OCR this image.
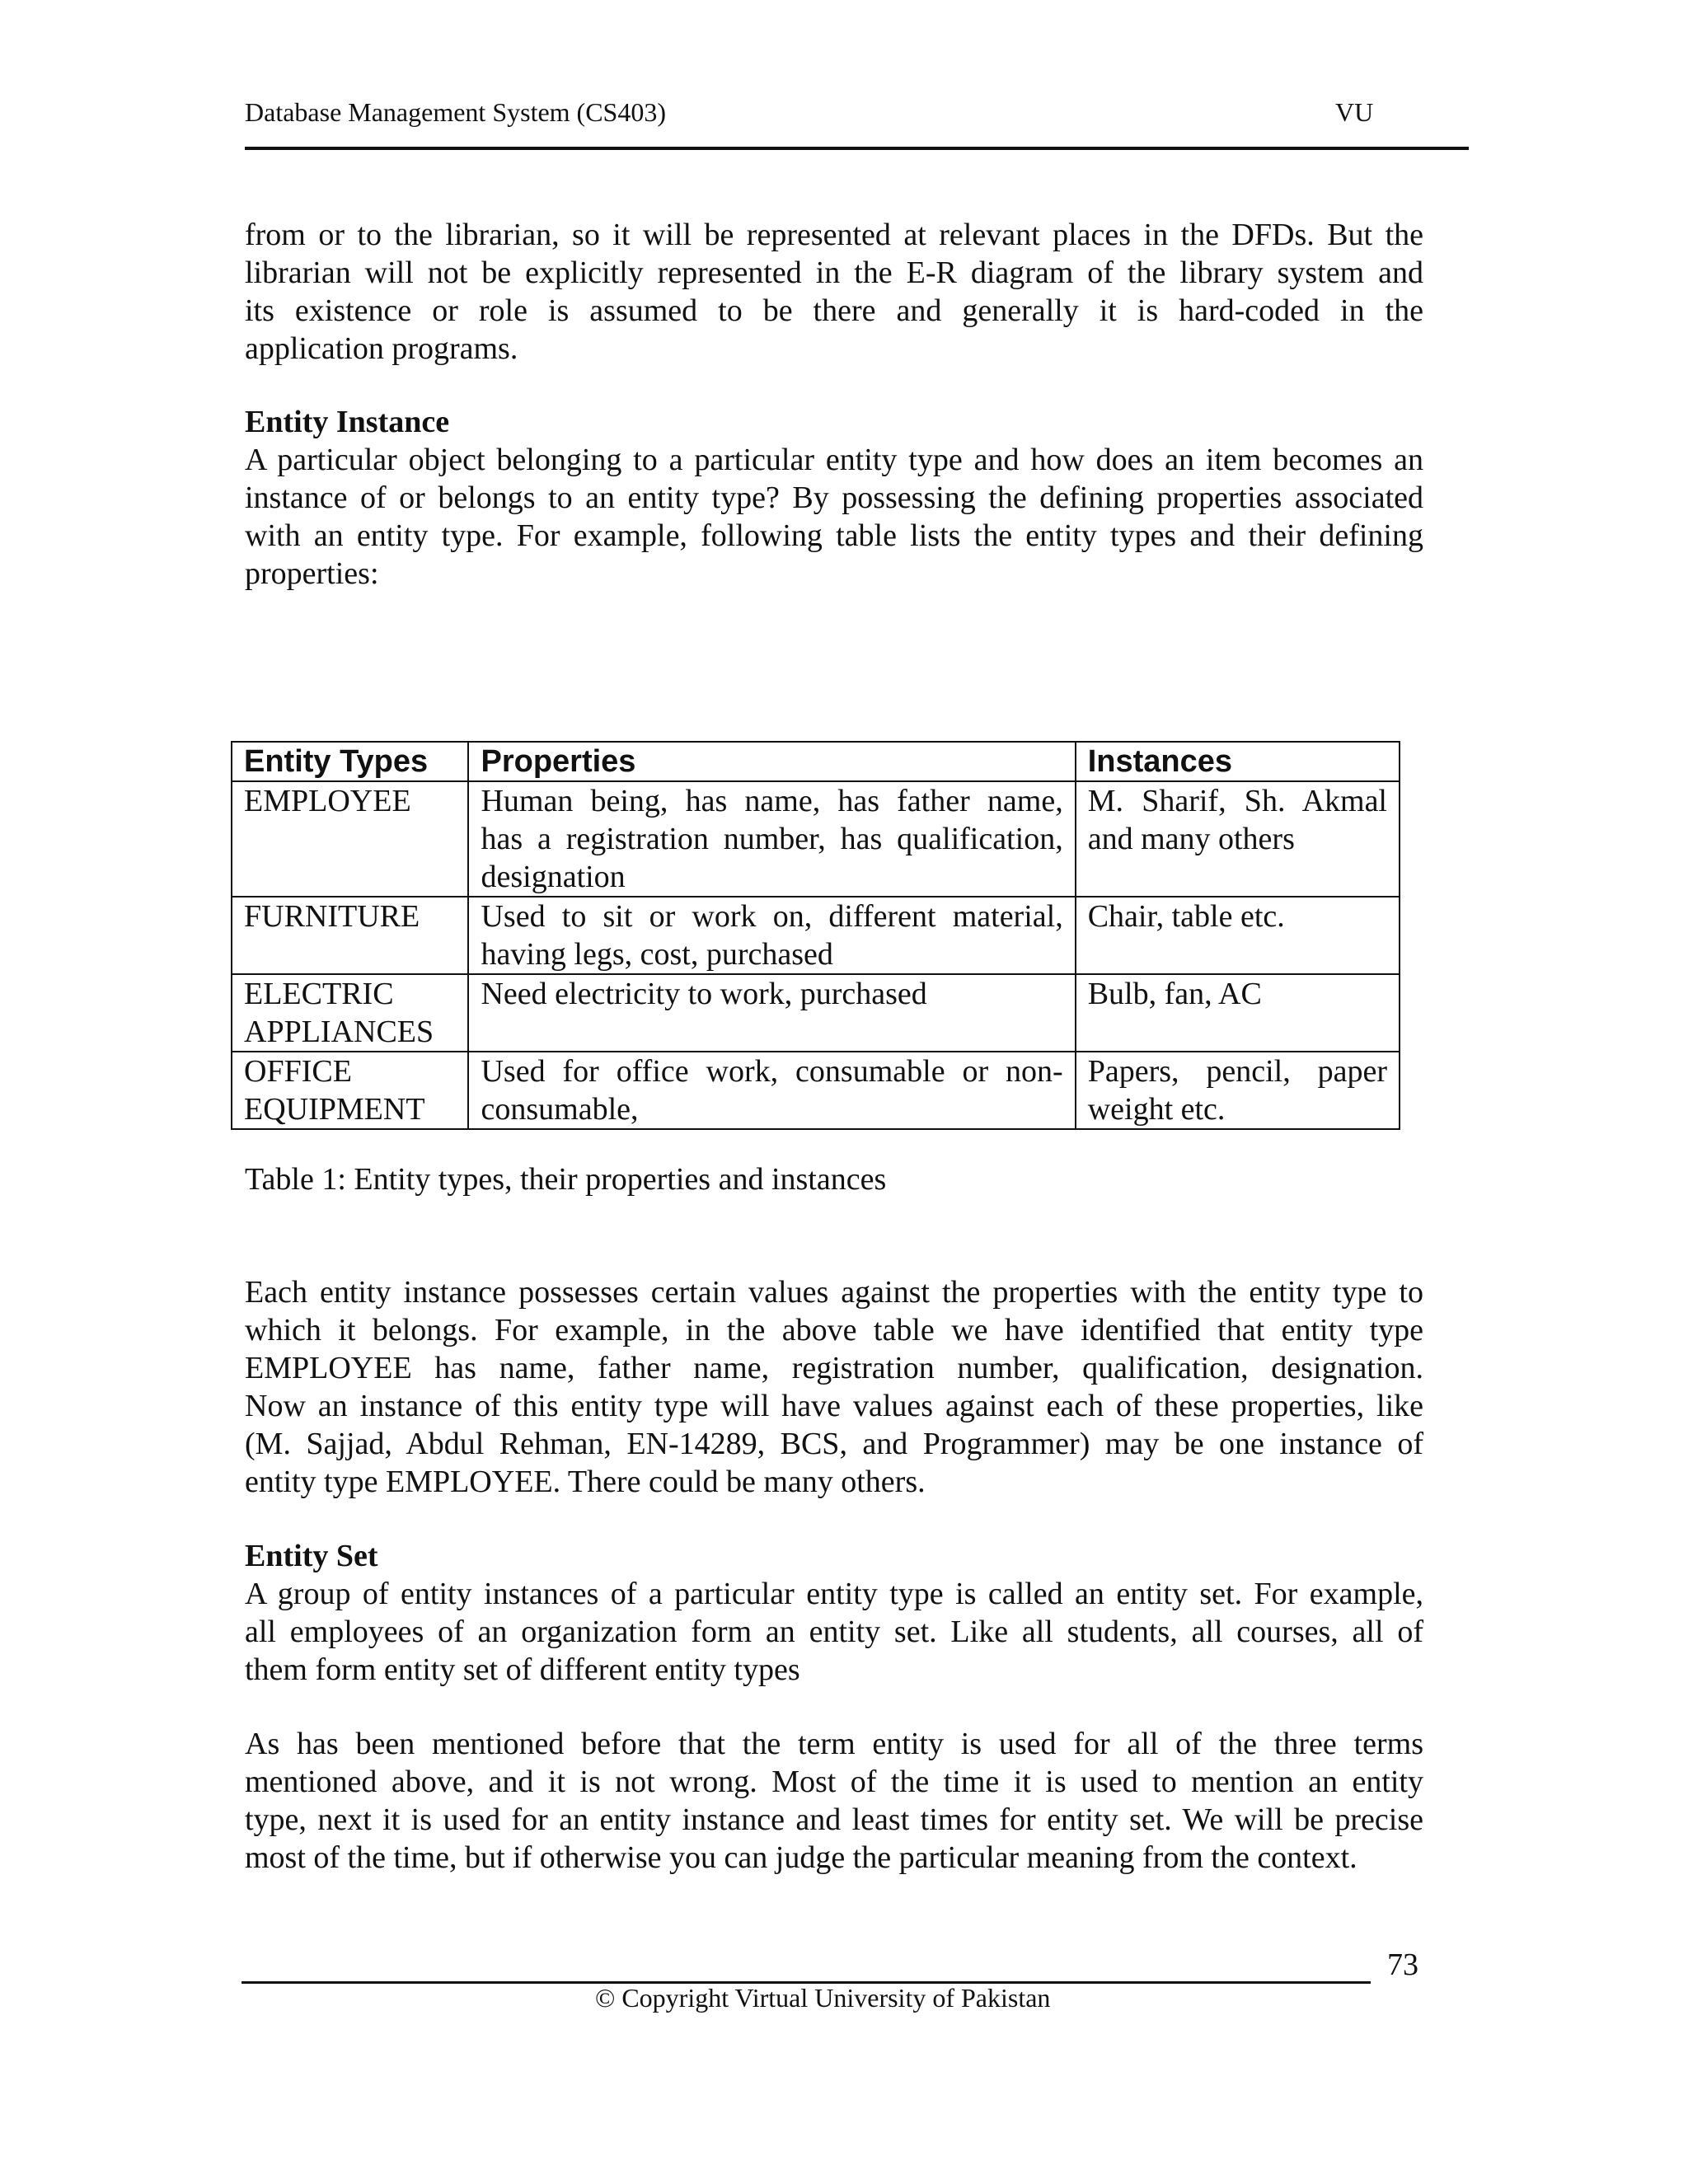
Database Management System (CS403)	VU

from or to the librarian, so it will be represented at relevant places in the DFDs. But the
librarian will not be explicitly represented in the E-R diagram of the library system and
its existence or role is assumed to be there and generally it is hard-coded in the
application programs.

Entity Instance

A particular object belonging to a particular entity type and how does an item becomes an
instance of or belongs to an entity type? By possessing the defining properties associated
with an entity type. For example, following table lists the entity types and their defining
properties:

Entity Types	Properties	Instances
EMPLOYEE	Human being, has name, has father name,
has a registration number, has qualification,
designation	M. Sharif, Sh. Akmal
and many others

FURNITURE	Used to sit or work on, different material,
having legs, cost, purchased	Chair, table etc.

ELECTRIC
APPLIANCES	Need electricity to work, purchased	Bulb, fan, AC

OFFICE
EQUIPMENT	Used for office work, consumable or non-
consumable,	Papers, pencil, paper
weight etc.

Table 1: Entity types, their properties and instances

Each entity instance possesses certain values against the properties with the entity type to
which it belongs. For example, in the above table we have identified that entity type
EMPLOYEE has name, father name, registration number, qualification, designation.
Now an instance of this entity type will have values against each of these properties, like
(M. Sajjad, Abdul Rehman, EN-14289, BCS, and Programmer) may be one instance of
entity type EMPLOYEE. There could be many others.

Entity Set

A group of entity instances of a particular entity type is called an entity set. For example,
all employees of an organization form an entity set. Like all students, all courses, all of
them form entity set of different entity types

As has been mentioned before that the term entity is used for all of the three terms
mentioned above, and it is not wrong. Most of the time it is used to mention an entity
type, next it is used for an entity instance and least times for entity set. We will be precise
most of the time, but if otherwise you can judge the particular meaning from the context.

73
© Copyright Virtual University of Pakistan
